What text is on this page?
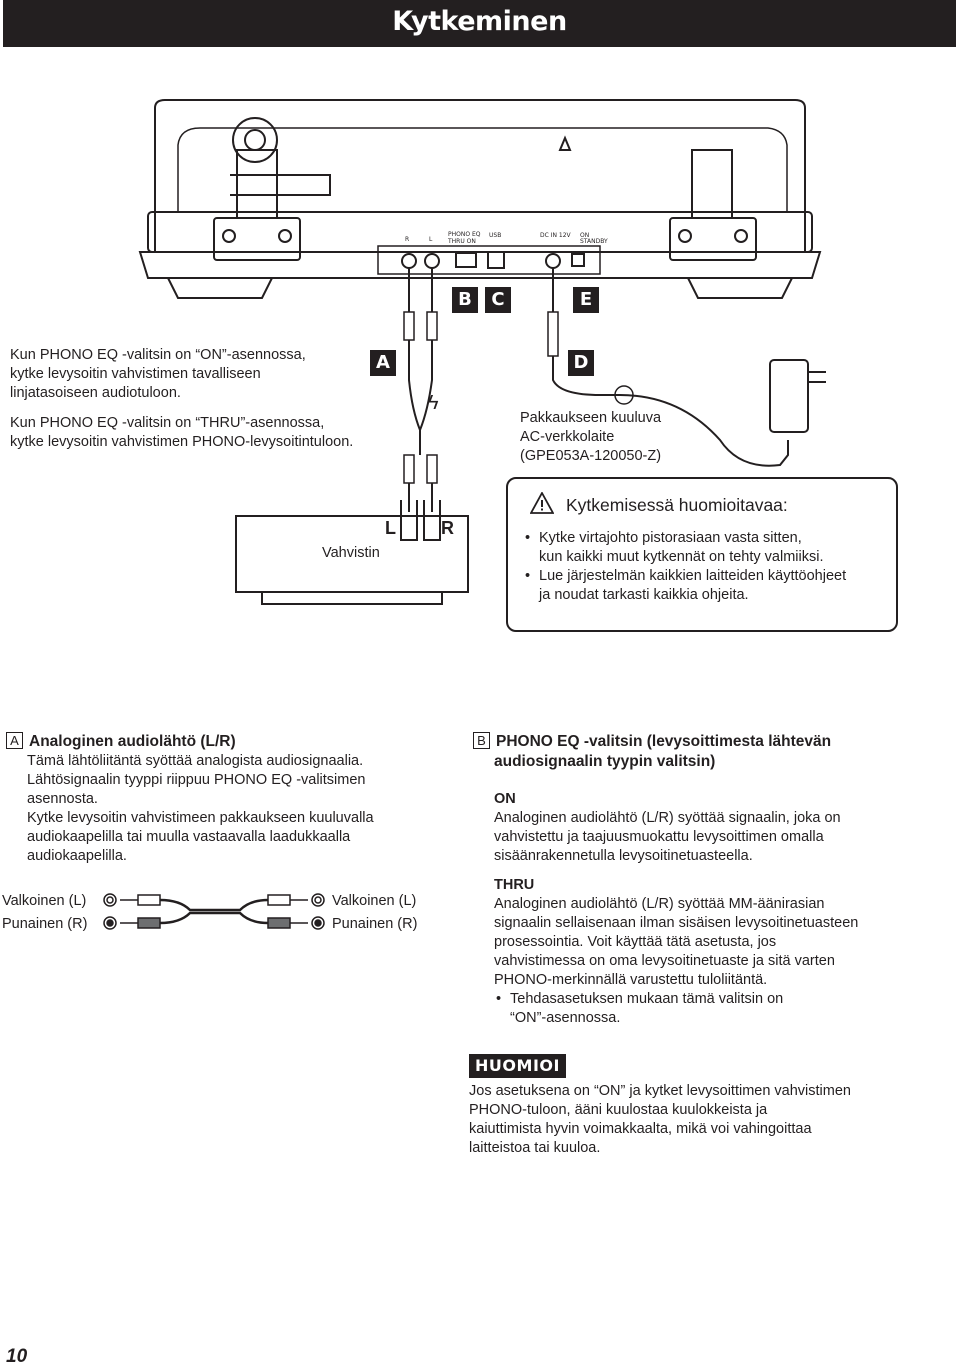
Kytkeminen
R	L
PHONO EQ
THRU ON
USB	DC IN 12V ON
STANDBY
A
B	C
D
E
ϟ
Vahvistin
L	R
Pakkaukseen kuuluva
AC-verkkolaite
(GPE053A-120050-Z)
Kun PHONO EQ -valitsin on “ON”-asennossa,
kytke levysoitin vahvistimen tavalliseen
linjatasoiseen audiotuloon.
Kun PHONO EQ -valitsin on “THRU”-asennossa,
kytke levysoitin vahvistimen PHONO-levysoitintuloon.
Kytkemisessä huomioitavaa:
• Kytke virtajohto pistorasiaan vasta sitten,
kun kaikki muut kytkennät on tehty valmiiksi.
• Lue järjestelmän kaikkien laitteiden käyttöohjeet
ja noudat tarkasti kaikkia ohjeita.
A Analoginen audiolähtö (L/R)
Tämä lähtöliitäntä syöttää analogista audiosignaalia.
Lähtösignaalin tyyppi riippuu PHONO EQ -valitsimen
asennosta.
Kytke levysoitin vahvistimeen pakkaukseen kuuluvalla
audiokaapelilla tai muulla vastaavalla laadukkaalla
audiokaapelilla.
Valkoinen (L)
Punainen (R)
Valkoinen (L)
Punainen (R)
B PHONO EQ -valitsin (levysoittimesta lähtevän
audiosignaalin tyypin valitsin)
ON
Analoginen audiolähtö (L/R) syöttää signaalin, joka on
vahvistettu ja taajuusmuokattu levysoittimen omalla
sisäänrakennetulla levysoitinetuasteella.
THRU
Analoginen audiolähtö (L/R) syöttää MM-äänirasian
signaalin sellaisenaan ilman sisäisen levysoitinetuasteen
prosessointia. Voit käyttää tätä asetusta, jos
vahvistimessa on oma levysoitinetuaste ja sitä varten
PHONO-merkinnällä varustettu tuloliitäntä.
• Tehdasasetuksen mukaan tämä valitsin on
“ON”-asennossa.
HUOMIOI
Jos asetuksena on “ON” ja kytket levysoittimen vahvistimen
PHONO-tuloon, ääni kuulostaa kuulokkeista ja
kaiuttimista hyvin voimakkaalta, mikä voi vahingoittaa
laitteistoa tai kuuloa.
10
